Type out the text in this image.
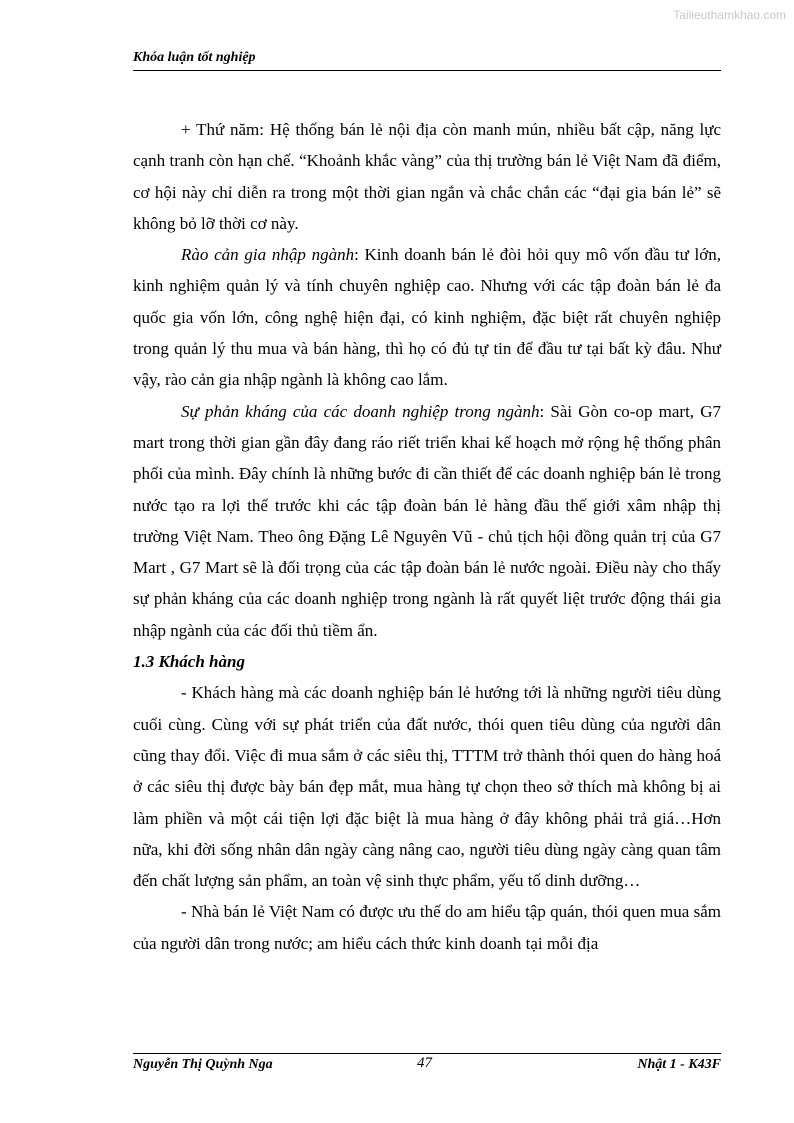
Tailieuthamkhao.com
Khóa luận tốt nghiệp

+ Thứ năm: Hệ thống bán lẻ nội địa còn manh mún, nhiều bất cập, năng lực cạnh tranh còn hạn chế. “Khoảnh khắc vàng” của thị trường bán lẻ Việt Nam đã điểm, cơ hội này chỉ diễn ra trong một thời gian ngắn và chắc chắn các “đại gia bán lẻ” sẽ không bỏ lỡ thời cơ này.

Rào cản gia nhập ngành: Kinh doanh bán lẻ đòi hỏi quy mô vốn đầu tư lớn, kinh nghiệm quản lý và tính chuyên nghiệp cao. Nhưng với các tập đoàn bán lẻ đa quốc gia vốn lớn, công nghệ hiện đại, có kinh nghiệm, đặc biệt rất chuyên nghiệp trong quản lý thu mua và bán hàng, thì họ có đủ tự tin để đầu tư tại bất kỳ đâu. Như vậy, rào cản gia nhập ngành là không cao lắm.

Sự phản kháng của các doanh nghiệp trong ngành: Sài Gòn co-op mart, G7 mart trong thời gian gần đây đang ráo riết triển khai kế hoạch mở rộng hệ thống phân phối của mình. Đây chính là những bước đi cần thiết để các doanh nghiệp bán lẻ trong nước tạo ra lợi thế trước khi các tập đoàn bán lẻ hàng đầu thế giới xâm nhập thị trường Việt Nam. Theo ông Đặng Lê Nguyên Vũ - chủ tịch hội đồng quản trị của G7 Mart , G7 Mart sẽ là đối trọng của các tập đoàn bán lẻ nước ngoài. Điều này cho thấy sự phản kháng của các doanh nghiệp trong ngành là rất quyết liệt trước động thái gia nhập ngành của các đối thủ tiềm ẩn.

1.3 Khách hàng

- Khách hàng mà các doanh nghiệp bán lẻ hướng tới là những người tiêu dùng cuối cùng. Cùng với sự phát triển của đất nước, thói quen tiêu dùng của người dân cũng thay đổi. Việc đi mua sắm ở các siêu thị, TTTM trở thành thói quen do hàng hoá ở các siêu thị được bày bán đẹp mắt, mua hàng tự chọn theo sở thích mà không bị ai làm phiền và một cái tiện lợi đặc biệt là mua hàng ở đây không phải trả giá…Hơn nữa, khi đời sống nhân dân ngày càng nâng cao, người tiêu dùng ngày càng quan tâm đến chất lượng sản phẩm, an toàn vệ sinh thực phẩm, yếu tố dinh dưỡng…

- Nhà bán lẻ Việt Nam có được ưu thế do am hiểu tập quán, thói quen mua sắm của người dân trong nước; am hiểu cách thức kinh doanh tại mỗi địa

Nguyễn Thị Quỳnh Nga	47	Nhật 1 - K43F
